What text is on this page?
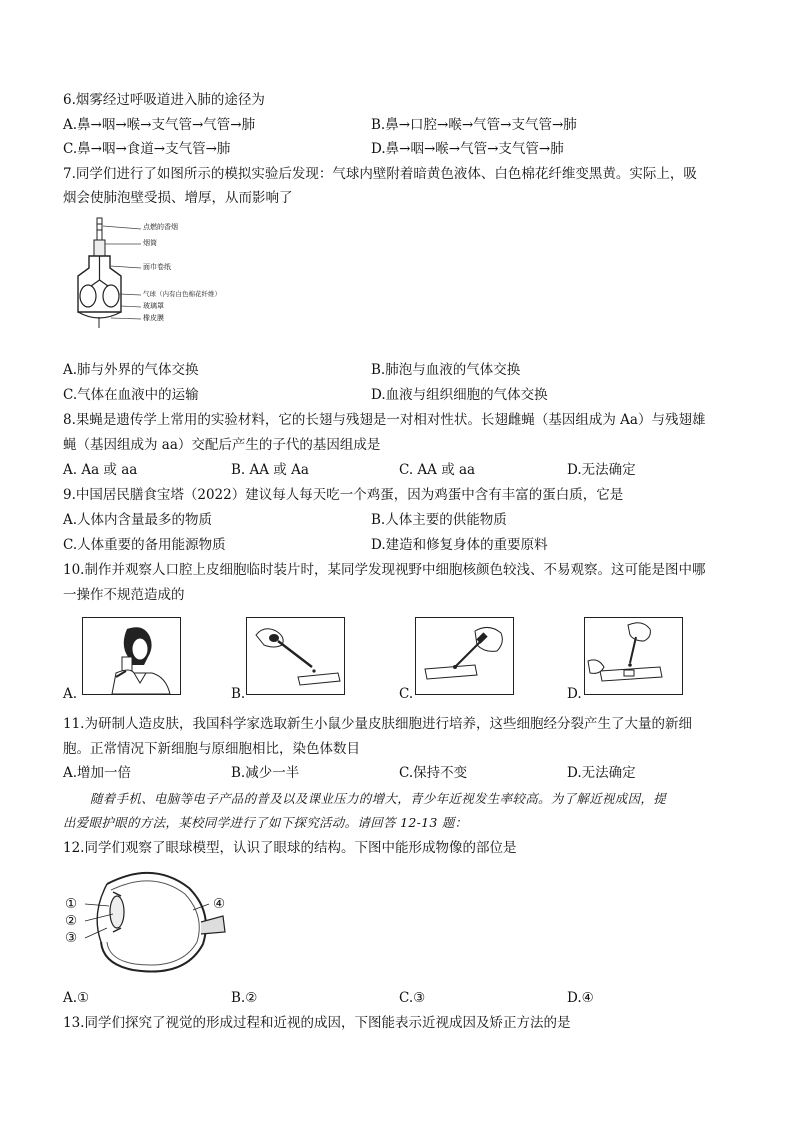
6.烟雾经过呼吸道进入肺的途径为
A.鼻→咽→喉→支气管→气管→肺	B.鼻→口腔→喉→气管→支气管→肺
C.鼻→咽→食道→支气管→肺	D.鼻→咽→喉→气管→支气管→肺
7.同学们进行了如图所示的模拟实验后发现：气球内壁附着暗黄色液体、白色棉花纤维变黑黄。实际上，吸
烟会使肺泡壁受损、增厚，从而影响了
点燃的香烟
烟筒
面巾卷纸
气球（内有白色棉花纤维）
玻璃罩
橡皮膜
A.肺与外界的气体交换	B.肺泡与血液的气体交换
C.气体在血液中的运输	D.血液与组织细胞的气体交换
8.果蝇是遗传学上常用的实验材料，它的长翅与残翅是一对相对性状。长翅雌蝇（基因组成为 Aa）与残翅雄
蝇（基因组成为 aa）交配后产生的子代的基因组成是
A. Aa 或 aa	B. AA 或 Aa	C. AA 或 aa	D.无法确定
9.中国居民膳食宝塔（2022）建议每人每天吃一个鸡蛋，因为鸡蛋中含有丰富的蛋白质，它是
A.人体内含量最多的物质	B.人体主要的供能物质
C.人体重要的备用能源物质	D.建造和修复身体的重要原料
10.制作并观察人口腔上皮细胞临时装片时，某同学发现视野中细胞核颜色较浅、不易观察。这可能是图中哪
一操作不规范造成的
A.	B.	C.	D.
11.为研制人造皮肤，我国科学家选取新生小鼠少量皮肤细胞进行培养，这些细胞经分裂产生了大量的新细
胞。正常情况下新细胞与原细胞相比，染色体数目
A.增加一倍	B.减少一半	C.保持不变	D.无法确定
随着手机、电脑等电子产品的普及以及课业压力的增大，青少年近视发生率较高。为了解近视成因，提
出爱眼护眼的方法，某校同学进行了如下探究活动。请回答 12-13 题：
12.同学们观察了眼球模型，认识了眼球的结构。下图中能形成物像的部位是
①
②
③
④
A.①	B.②	C.③	D.④
13.同学们探究了视觉的形成过程和近视的成因，下图能表示近视成因及矫正方法的是
